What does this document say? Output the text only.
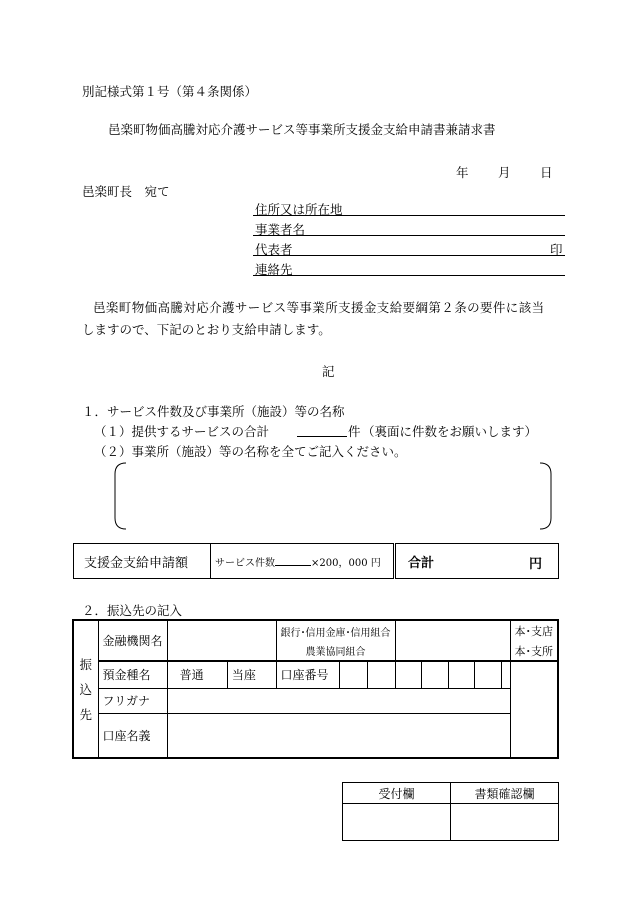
別記様式第１号（第４条関係）
邑楽町物価高騰対応介護サービス等事業所支援金支給申請書兼請求書
年 月 日
邑楽町長　宛て
住所又は所在地
事業者名
代表者	印
連絡先
邑楽町物価高騰対応介護サービス等事業所支援金支給要綱第２条の要件に該当
しますので、下記のとおり支給申請します。
記
１．サービス件数及び事業所（施設）等の名称
（１）提供するサービスの合計	件 （裏面に件数をお願いします）
（２）事業所（施設）等の名称を全てご記入ください。
支援金支給申請額	サービス件数	×200，000 円	合計	円
２．振込先の記入
振
込
先	金融機関名			銀行･信用金庫･信用組合								本･支店
				農業協同組合								本･支所
	預金種名	普通	当座	口座番号								
	フリガナ											
	口座名義											
受付欄	書類確認欄
